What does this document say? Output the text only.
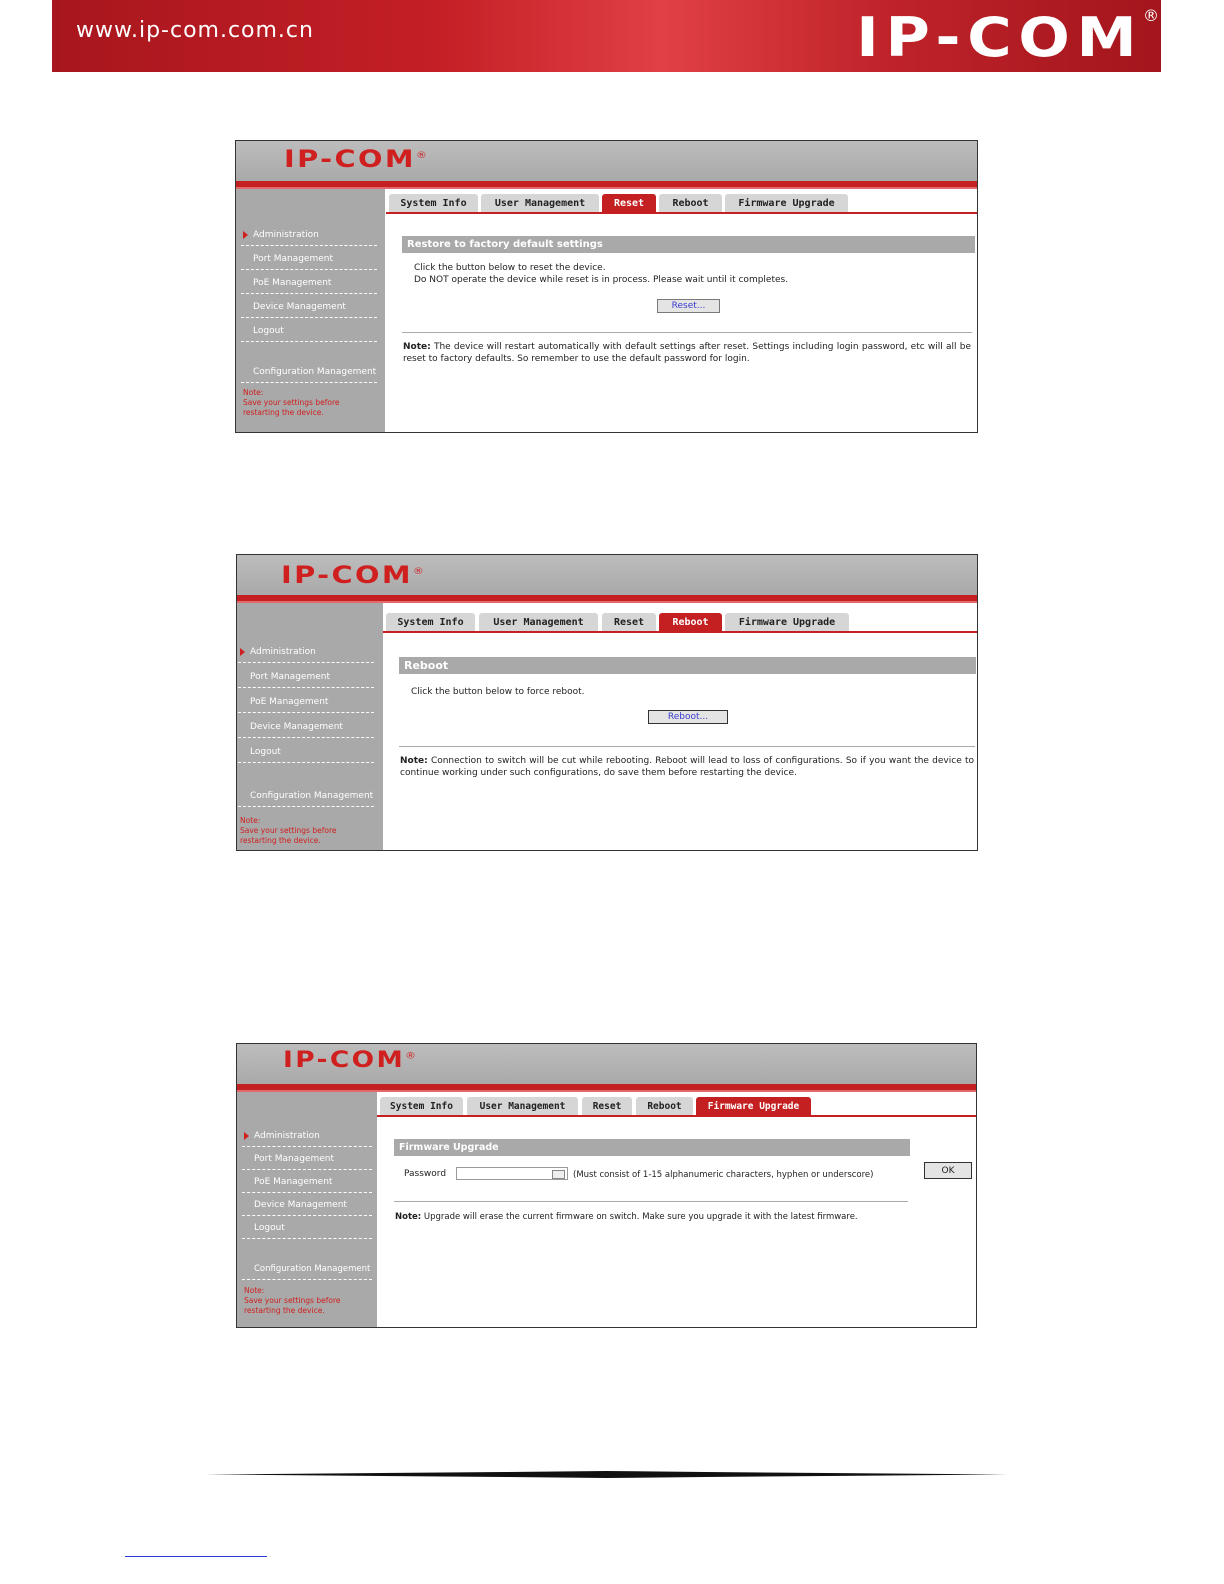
www.ip-com.com.cn	IP-COM ®
IP-COM®
Administration
Port Management
PoE Management
Device Management
Logout
Configuration Management
Note:
Save your settings before
restarting the device.
System Info	User Management	Reset	Reboot	Firmware Upgrade
Restore to factory default settings
Click the button below to reset the device.
Do NOT operate the device while reset is in process. Please wait until it completes.
Reset...
Note: The device will restart automatically with default settings after reset. Settings including login password, etc will all be reset to factory defaults. So remember to use the default password for login.
IP-COM®
Administration
Port Management
PoE Management
Device Management
Logout
Configuration Management
Note:
Save your settings before
restarting the device.
System Info	User Management	Reset	Reboot	Firmware Upgrade
Reboot
Click the button below to force reboot.
Reboot...
Note: Connection to switch will be cut while rebooting. Reboot will lead to loss of configurations. So if you want the device to continue working under such configurations, do save them before restarting the device.
IP-COM®
Administration
Port Management
PoE Management
Device Management
Logout
Configuration Management
Note:
Save your settings before
restarting the device.
System Info	User Management	Reset	Reboot	Firmware Upgrade
Firmware Upgrade
Password	(Must consist of 1-15 alphanumeric characters, hyphen or underscore)	OK
Note: Upgrade will erase the current firmware on switch. Make sure you upgrade it with the latest firmware.
